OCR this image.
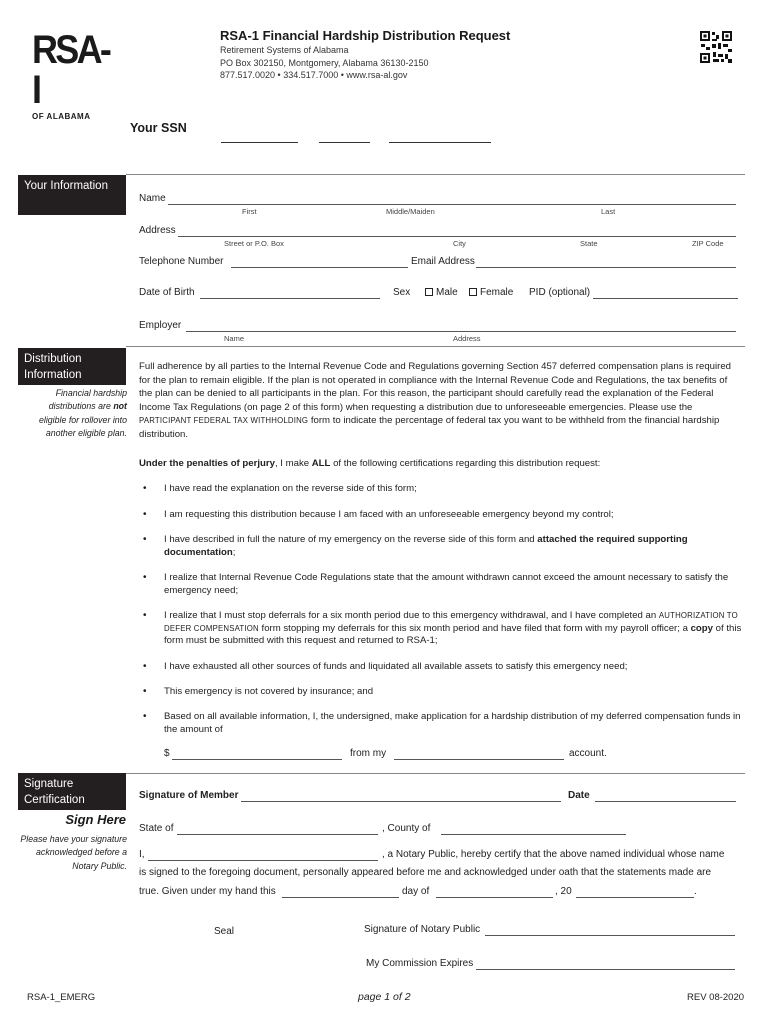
RSA-I
OF ALABAMA
RSA-1 Financial Hardship Distribution Request
Retirement Systems of Alabama
PO Box 302150, Montgomery, Alabama 36130-2150
877.517.0020 • 334.517.7000 • www.rsa-al.gov
Your SSN
Your Information
Name
First	Middle/Maiden	Last
Address
Street or P.O. Box	City	State	ZIP Code
Telephone Number	Email Address
Date of Birth	Sex	Male	Female PID (optional)
Employer
Name	Address
Distribution Information
Financial hardship
distributions are not
eligible for rollover into
another eligible plan.
Full adherence by all parties to the Internal Revenue Code and Regulations governing Section 457 deferred compensation plans is required for the plan to remain eligible. If the plan is not operated in compliance with the Internal Revenue Code and Regulations, the tax benefits of the plan can be denied to all participants in the plan. For this reason, the participant should carefully read the explanation of the Federal Income Tax Regulations (on page 2 of this form) when requesting a distribution due to unforeseeable emergencies. Please use the PARTICIPANT FEDERAL TAX WITHHOLDING form to indicate the percentage of federal tax you want to be withheld from the financial hardship distribution.
Under the penalties of perjury, I make ALL of the following certifications regarding this distribution request:
• I have read the explanation on the reverse side of this form;
• I am requesting this distribution because I am faced with an unforeseeable emergency beyond my control;
• I have described in full the nature of my emergency on the reverse side of this form and attached the required supporting documentation;
• I realize that Internal Revenue Code Regulations state that the amount withdrawn cannot exceed the amount necessary to satisfy the emergency need;
• I realize that I must stop deferrals for a six month period due to this emergency withdrawal, and I have completed an AUTHORIZATION TO DEFER COMPENSATION form stopping my deferrals for this six month period and have filed that form with my payroll officer; a copy of this form must be submitted with this request and returned to RSA-1;
• I have exhausted all other sources of funds and liquidated all available assets to satisfy this emergency need;
• This emergency is not covered by insurance; and
• Based on all available information, I, the undersigned, make application for a hardship distribution of my deferred compensation funds in the amount of
$	from my	account.
Signature Certification
Sign Here
Please have your signature
acknowledged before a
Notary Public.
Signature of Member	Date
State of	, County of
I,	, a Notary Public, hereby certify that the above named individual whose name
is signed to the foregoing document, personally appeared before me and acknowledged under oath that the statements made are
true. Given under my hand this	day of	, 20	.
Seal	Signature of Notary Public
My Commission Expires
RSA-1_EMERG	page 1 of 2	REV 08-2020
